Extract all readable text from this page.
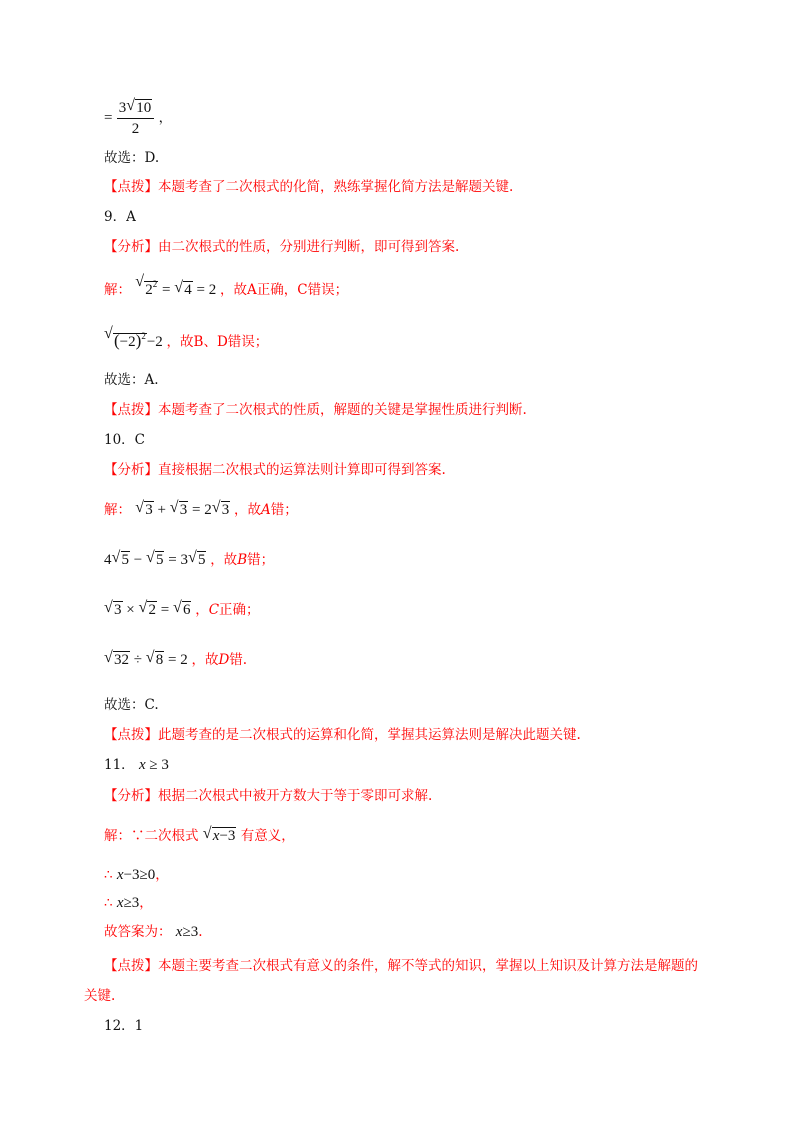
= $\frac{3 √ 10}{2}$ ，
故选：D.
【点拨】本题考查了二次根式的化简，熟练掌握化简方法是解题关键.
9．A
【分析】由二次根式的性质，分别进行判断，即可得到答案.
解： √ $2^2$ = √ 4 = 2 ，故A正确，C错误；
√ $(-2)^2-2$ ，故B、D错误；
故选：A.
【点拨】本题考查了二次根式的性质，解题的关键是掌握性质进行判断.
10．C
【分析】直接根据二次根式的运算法则计算即可得到答案.
解： √ 3 + √ 3 = 2 √ 3 ，故A错；
4 √ 5 − √ 5 = 3 √ 5 ，故B错；
√ 3 × √ 2 = √ 6 ，C正确；
√ 32 ÷ √ 8 = 2 ，故D错.
故选：C.
【点拨】此题考查的是二次根式的运算和化简，掌握其运算法则是解决此题关键.
11． x ≥ 3
【分析】根据二次根式中被开方数大于等于零即可求解.
解：∵二次根式 √ x−3 有意义，
∴ x−3≥0，
∴ x≥3，
故答案为： x≥3.
【点拨】本题主要考查二次根式有意义的条件，解不等式的知识，掌握以上知识及计算方法是解题的
关键.
12．1
